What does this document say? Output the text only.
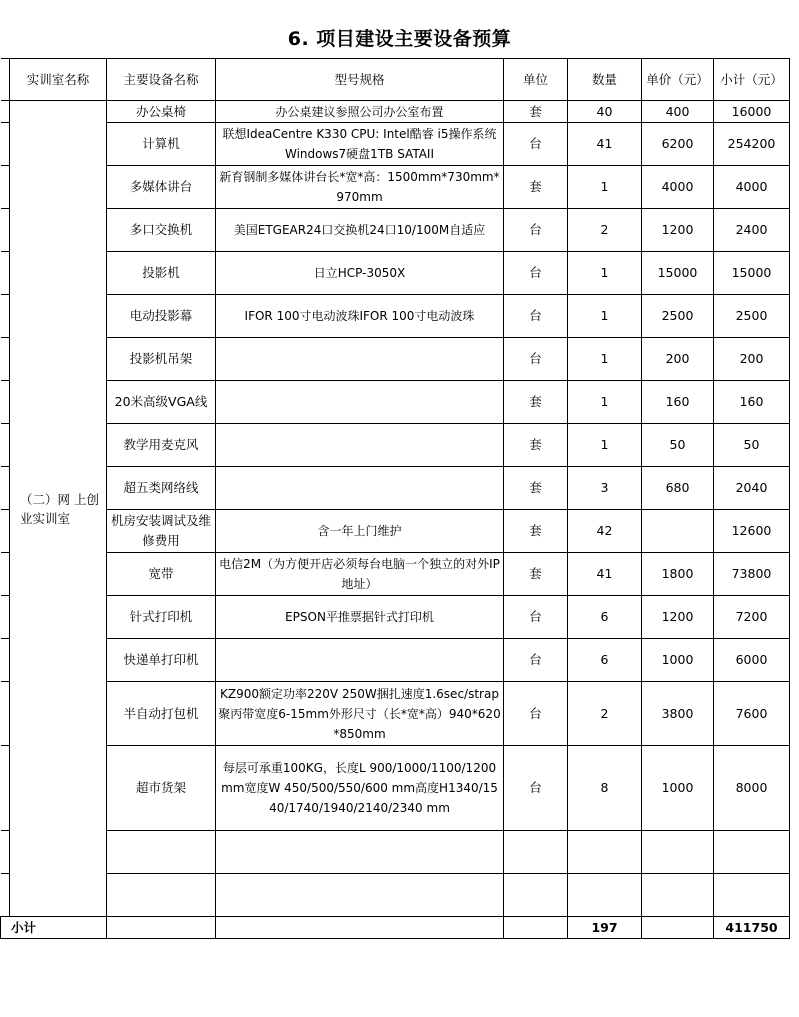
6. 项目建设主要设备预算
	实训室名称	主要设备名称	型号规格	单位	数量	单价（元）	小计（元）
	（二）网 上创业实训室	办公桌椅	办公桌建议参照公司办公室布置	套	40	400	16000
		计算机	联想IdeaCentre K330 CPU: Intel酷睿 i5操作系统Windows7硬盘1TB SATAII	台	41	6200	254200
		多媒体讲台	新育钢制多媒体讲台长*宽*高：1500mm*730mm*970mm	套	1	4000	4000
		多口交换机	美国ETGEAR24口交换机24口10/100M自适应	台	2	1200	2400
		投影机	日立HCP-3050X	台	1	15000	15000
		电动投影幕	IFOR 100寸电动波珠IFOR 100寸电动波珠	台	1	2500	2500
		投影机吊架		台	1	200	200
		20米高级VGA线		套	1	160	160
		教学用麦克风		套	1	50	50
		超五类网络线		套	3	680	2040
		机房安装调试及维修费用	含一年上门维护	套	42		12600
		宽带	电信2M（为方便开店必须每台电脑一个独立的对外IP地址）	套	41	1800	73800
		针式打印机	EPSON平推票据针式打印机	台	6	1200	7200
		快递单打印机		台	6	1000	6000
		半自动打包机	KZ900额定功率220V 250W捆扎速度1.6sec/strap聚丙带宽度6-15mm外形尺寸（长*宽*高）940*620*850mm	台	2	3800	7600
		超市货架	每层可承重100KG，长度L 900/1000/1100/1200 mm宽度W 450/500/550/600 mm高度H1340/1540/1740/1940/2140/2340 mm	台	8	1000	8000

小计					197		411750
